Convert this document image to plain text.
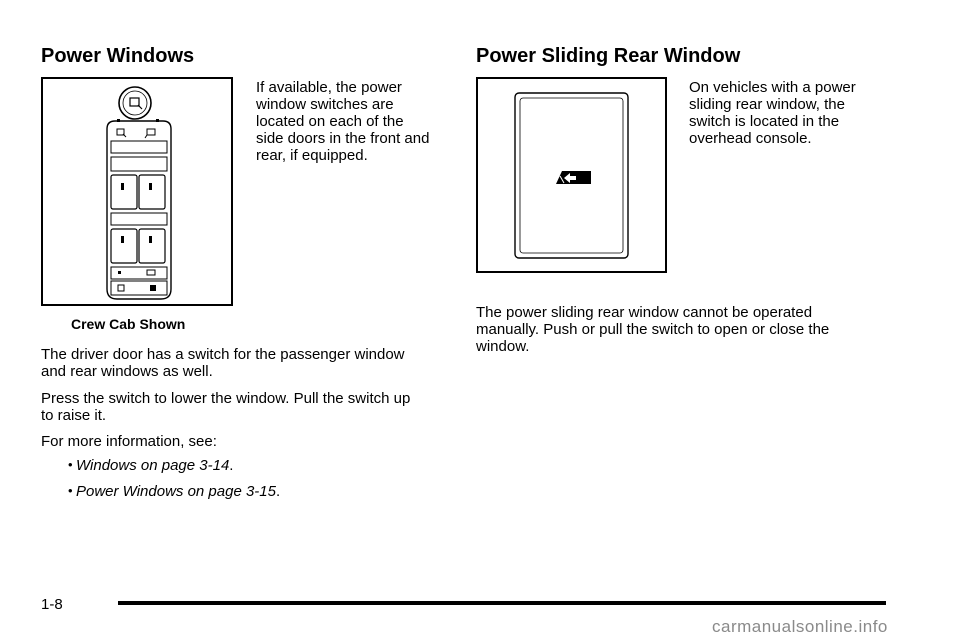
Power Windows
If available, the power
window switches are
located on each of the
side doors in the front and
rear, if equipped.
Crew Cab Shown
The driver door has a switch for the passenger window
and rear windows as well.
Press the switch to lower the window. Pull the switch up
to raise it.
For more information, see:
• Windows on page 3-14.
• Power Windows on page 3-15.
Power Sliding Rear Window
On vehicles with a power
sliding rear window, the
switch is located in the
overhead console.
The power sliding rear window cannot be operated
manually. Push or pull the switch to open or close the
window.
1-8
carmanualsonline.info
